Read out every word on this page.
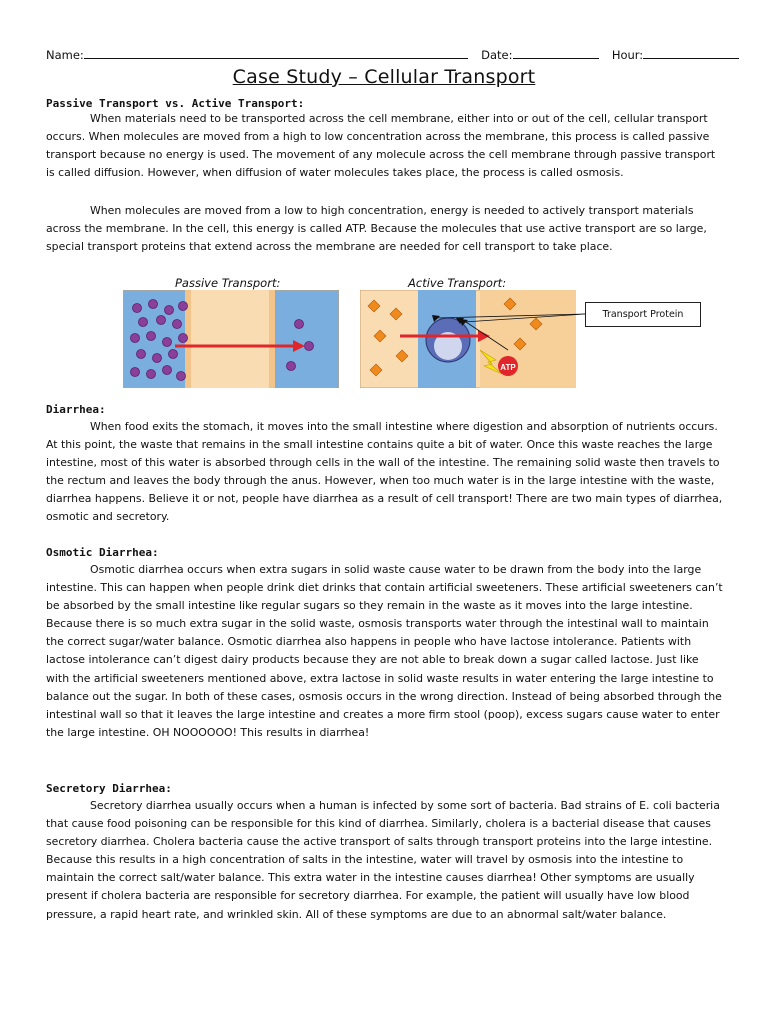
Name:	Date:	Hour:
Case Study – Cellular Transport
Passive Transport vs. Active Transport:

When materials need to be transported across the cell membrane, either into or out of the cell, cellular transport occurs. When molecules are moved from a high to low concentration across the membrane, this process is called passive transport because no energy is used. The movement of any molecule across the cell membrane through passive transport is called diffusion. However, when diffusion of water molecules takes place, the process is called osmosis.

When molecules are moved from a low to high concentration, energy is needed to actively transport materials across the membrane. In the cell, this energy is called ATP. Because the molecules that use active transport are so large, special transport proteins that extend across the membrane are needed for cell transport to take place.

Passive Transport:	Active Transport:
ATP
Transport Protein
Diarrhea:

When food exits the stomach, it moves into the small intestine where digestion and absorption of nutrients occurs. At this point, the waste that remains in the small intestine contains quite a bit of water. Once this waste reaches the large intestine, most of this water is absorbed through cells in the wall of the intestine. The remaining solid waste then travels to the rectum and leaves the body through the anus. However, when too much water is in the large intestine with the waste, diarrhea happens. Believe it or not, people have diarrhea as a result of cell transport! There are two main types of diarrhea, osmotic and secretory.

Osmotic Diarrhea:

Osmotic diarrhea occurs when extra sugars in solid waste cause water to be drawn from the body into the large intestine. This can happen when people drink diet drinks that contain artificial sweeteners. These artificial sweeteners can’t be absorbed by the small intestine like regular sugars so they remain in the waste as it moves into the large intestine. Because there is so much extra sugar in the solid waste, osmosis transports water through the intestinal wall to maintain the correct sugar/water balance. Osmotic diarrhea also happens in people who have lactose intolerance. Patients with lactose intolerance can’t digest dairy products because they are not able to break down a sugar called lactose. Just like with the artificial sweeteners mentioned above, extra lactose in solid waste results in water entering the large intestine to balance out the sugar. In both of these cases, osmosis occurs in the wrong direction. Instead of being absorbed through the intestinal wall so that it leaves the large intestine and creates a more firm stool (poop), excess sugars cause water to enter the large intestine. OH NOOOOOO! This results in diarrhea!

Secretory Diarrhea:

Secretory diarrhea usually occurs when a human is infected by some sort of bacteria. Bad strains of E. coli bacteria that cause food poisoning can be responsible for this kind of diarrhea. Similarly, cholera is a bacterial disease that causes secretory diarrhea. Cholera bacteria cause the active transport of salts through transport proteins into the large intestine. Because this results in a high concentration of salts in the intestine, water will travel by osmosis into the intestine to maintain the correct salt/water balance. This extra water in the intestine causes diarrhea! Other symptoms are usually present if cholera bacteria are responsible for secretory diarrhea. For example, the patient will usually have low blood pressure, a rapid heart rate, and wrinkled skin. All of these symptoms are due to an abnormal salt/water balance.
